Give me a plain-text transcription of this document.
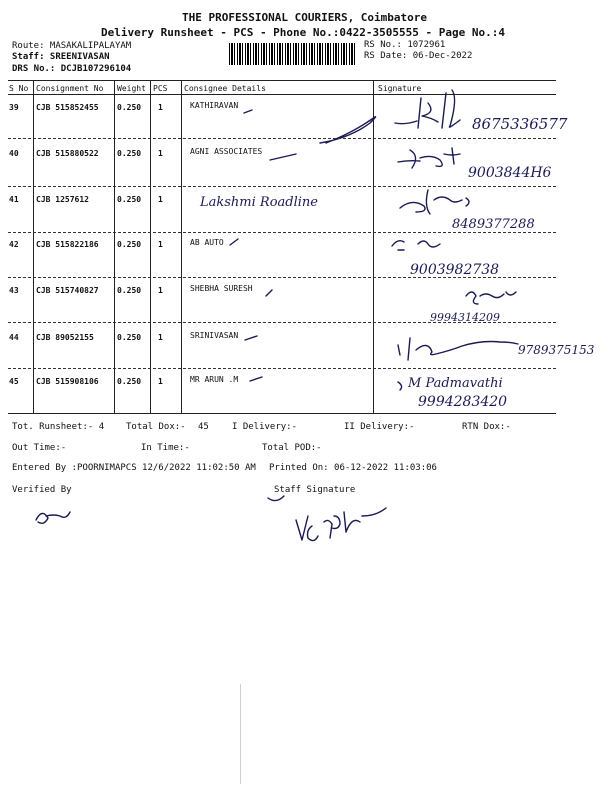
THE PROFESSIONAL COURIERS, Coimbatore
Delivery Runsheet - PCS - Phone No.:0422-3505555 - Page No.:4
Route: MASAKALIPALAYAM
Staff: SREENIVASAN
DRS No.: DCJB107296104
RS No.: 1072961
RS Date: 06-Dec-2022
S No Consignment No Weight PCS Consignee Details	Signature
39 CJB 515852455 0.250 1	KATHIRAVAN
8675336577
40 CJB 515880522 0.250 1	AGNI ASSOCIATES
9003844H6
41 CJB 1257612	0.250 1	Lakshmi Roadline
8489377288
42 CJB 515822186 0.250 1	AB AUTO
9003982738
43 CJB 515740827 0.250 1	SHEBHA SURESH
9994314209
44 CJB 89052155	0.250 1	SRINIVASAN
9789375153
45 CJB 515908106 0.250 1	MR ARUN .M	M Padmavathi
9994283420
Tot. Runsheet:- 4 Total Dox:- 45	I Delivery:-	II Delivery:-	RTN Dox:-
Out Time:-	In Time:-	Total POD:-
Entered By :POORNIMAPCS 12/6/2022 11:02:50 AM Printed On: 06-12-2022 11:03:06
Verified By	Staff Signature
